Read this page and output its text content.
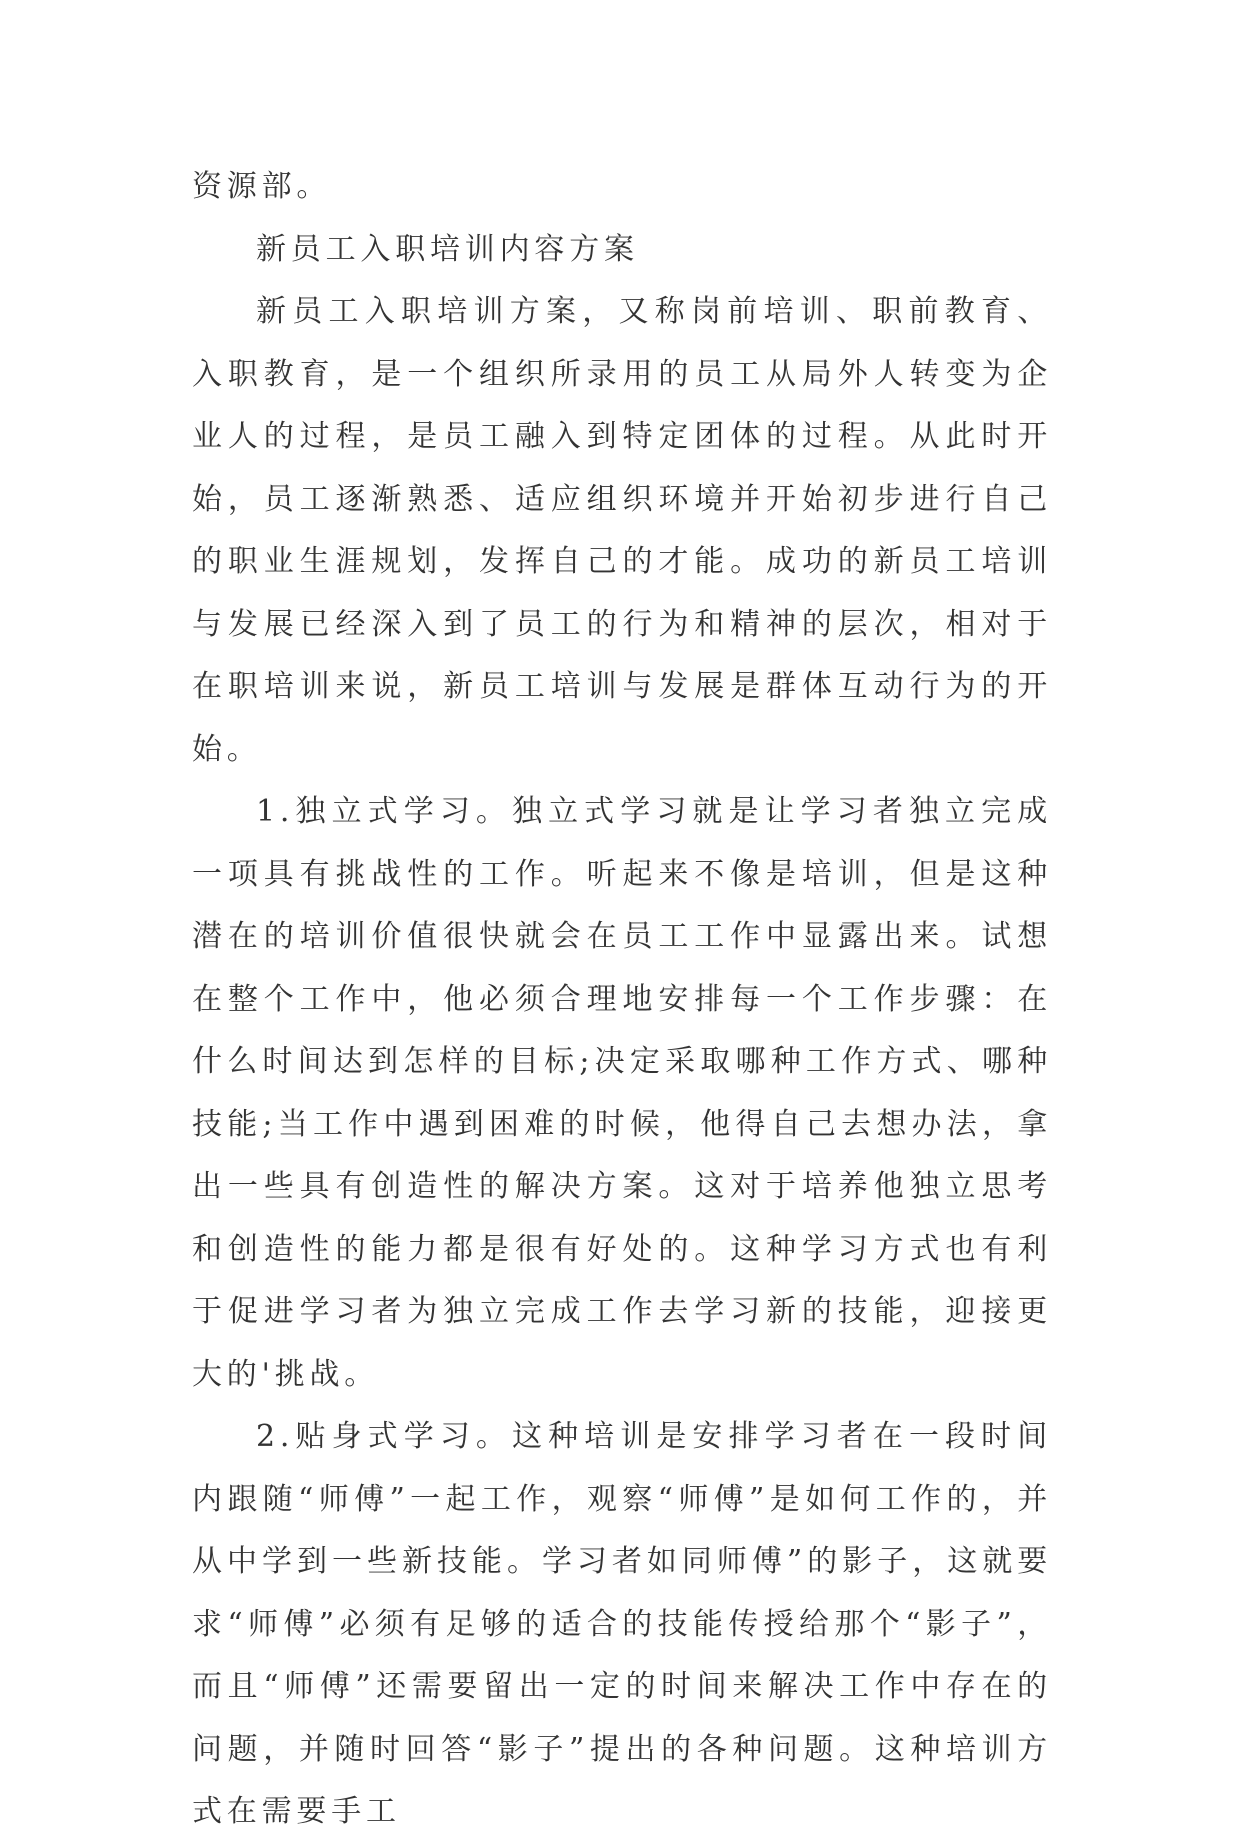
资源部。

新员工入职培训内容方案

新员工入职培训方案，又称岗前培训、职前教育、入职教育，是一个组织所录用的员工从局外人转变为企业人的过程，是员工融入到特定团体的过程。从此时开始，员工逐渐熟悉、适应组织环境并开始初步进行自己的职业生涯规划，发挥自己的才能。成功的新员工培训与发展已经深入到了员工的行为和精神的层次，相对于在职培训来说，新员工培训与发展是群体互动行为的开始。

1.独立式学习。独立式学习就是让学习者独立完成一项具有挑战性的工作。听起来不像是培训，但是这种潜在的培训价值很快就会在员工工作中显露出来。试想在整个工作中，他必须合理地安排每一个工作步骤：在什么时间达到怎样的目标;决定采取哪种工作方式、哪种技能;当工作中遇到困难的时候，他得自己去想办法，拿出一些具有创造性的解决方案。这对于培养他独立思考和创造性的能力都是很有好处的。这种学习方式也有利于促进学习者为独立完成工作去学习新的技能，迎接更大的'挑战。

2.贴身式学习。这种培训是安排学习者在一段时间内跟随“师傅”一起工作，观察“师傅”是如何工作的，并从中学到一些新技能。学习者如同师傅”的影子，这就要求“师傅”必须有足够的适合的技能传授给那个“影子”，而且“师傅”还需要留出一定的时间来解决工作中存在的问题，并随时回答“影子”提出的各种问题。这种培训方式在需要手工
